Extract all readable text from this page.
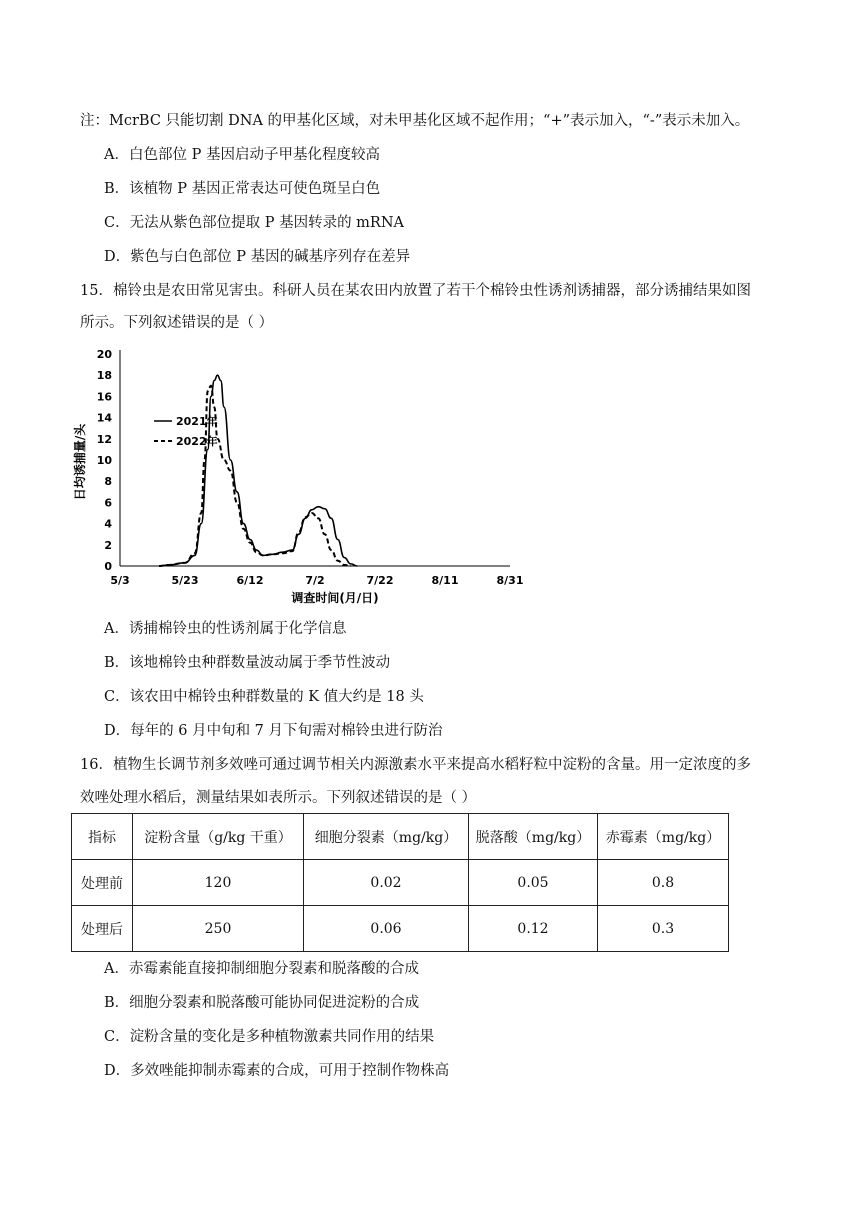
注：McrBC 只能切割 DNA 的甲基化区域，对未甲基化区域不起作用；“+”表示加入，“-”表示未加入。
A．白色部位 P 基因启动子甲基化程度较高
B．该植物 P 基因正常表达可使色斑呈白色
C．无法从紫色部位提取 P 基因转录的 mRNA
D．紫色与白色部位 P 基因的碱基序列存在差异
15．棉铃虫是农田常见害虫。科研人员在某农田内放置了若干个棉铃虫性诱剂诱捕器，部分诱捕结果如图
所示。下列叙述错误的是（ ）
0
2
4
6
8
10
12
14
16
18
20
5/3	5/23	6/12	7/2	7/22	8/11	8/31
2021年
2022年
日均诱捕量/头
调查时间(月/日)
A．诱捕棉铃虫的性诱剂属于化学信息
B．该地棉铃虫种群数量波动属于季节性波动
C．该农田中棉铃虫种群数量的 K 值大约是 18 头
D．每年的 6 月中旬和 7 月下旬需对棉铃虫进行防治
16．植物生长调节剂多效唑可通过调节相关内源激素水平来提高水稻籽粒中淀粉的含量。用一定浓度的多
效唑处理水稻后，测量结果如表所示。下列叙述错误的是（ ）
指标	淀粉含量（g/kg 干重）	细胞分裂素（mg/kg）	脱落酸（mg/kg）	赤霉素（mg/kg）
处理前	120	0.02	0.05	0.8
处理后	250	0.06	0.12	0.3
A．赤霉素能直接抑制细胞分裂素和脱落酸的合成
B．细胞分裂素和脱落酸可能协同促进淀粉的合成
C．淀粉含量的变化是多种植物激素共同作用的结果
D．多效唑能抑制赤霉素的合成，可用于控制作物株高
